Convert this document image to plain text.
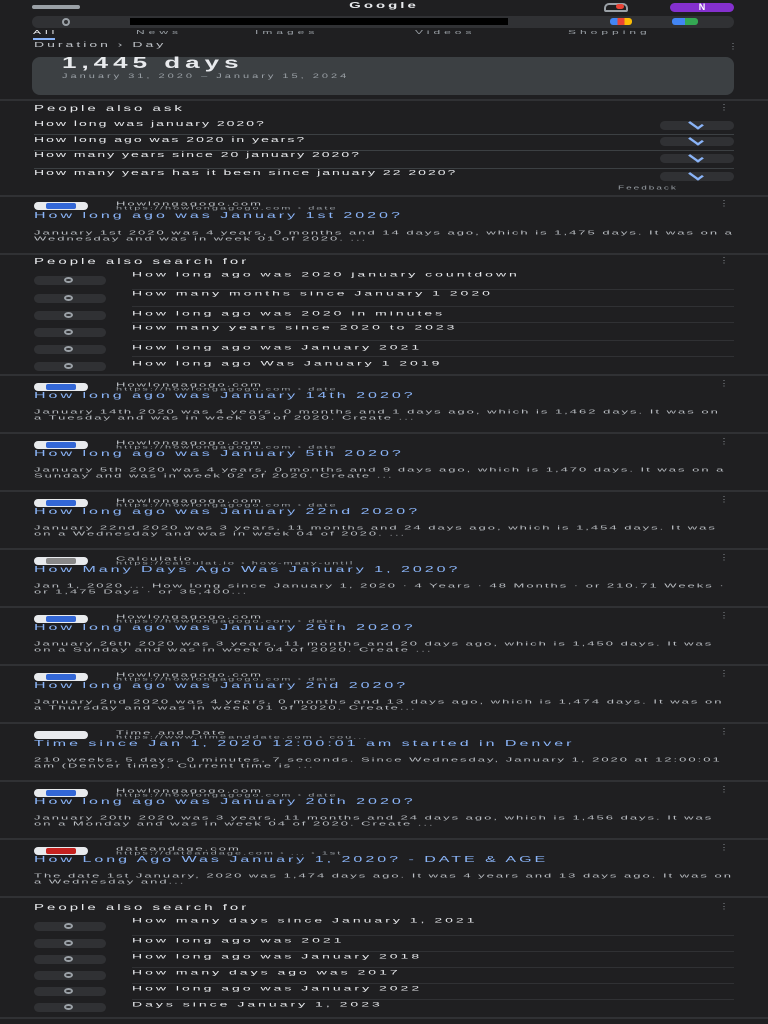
Google	N
All	News	Images	Videos	Shopping
Duration › Day	⋮
1,445 days
January 31, 2020 – January 15, 2024
People also ask	⋮
How long was january 2020?
How long ago was 2020 in years?
How many years since 20 january 2020?
How many years has it been since january 22 2020?
Feedback
Howlongagogo.com
https://howlongagogo.com › date
⋮
How long ago was January 1st 2020?
January 1st 2020 was 4 years, 0 months and 14 days ago, which is 1,475 days. It was on a Wednesday and was in week 01 of 2020. ...
People also search for	⋮
How long ago was 2020 january countdown
How many months since January 1 2020
How long ago was 2020 in minutes
How many years since 2020 to 2023
How long ago was January 2021
How long ago Was January 1 2019
Howlongagogo.com
https://howlongagogo.com › date
⋮
How long ago was January 14th 2020?
January 14th 2020 was 4 years, 0 months and 1 days ago, which is 1,462 days. It was on a Tuesday and was in week 03 of 2020. Create ...
Howlongagogo.com
https://howlongagogo.com › date
⋮
How long ago was January 5th 2020?
January 5th 2020 was 4 years, 0 months and 9 days ago, which is 1,470 days. It was on a Sunday and was in week 02 of 2020. Create ...
Howlongagogo.com
https://howlongagogo.com › date
⋮
How long ago was January 22nd 2020?
January 22nd 2020 was 3 years, 11 months and 24 days ago, which is 1,454 days. It was on a Wednesday and was in week 04 of 2020. ...
Calculatio
https://calculat.io › how-many-until
⋮
How Many Days Ago Was January 1, 2020?
Jan 1, 2020 ... How long since January 1, 2020 · 4 Years · 48 Months · or 210.71 Weeks · or 1,475 Days · or 35,400...
Howlongagogo.com
https://howlongagogo.com › date
⋮
How long ago was January 26th 2020?
January 26th 2020 was 3 years, 11 months and 20 days ago, which is 1,450 days. It was on a Sunday and was in week 04 of 2020. Create ...
Howlongagogo.com
https://howlongagogo.com › date
⋮
How long ago was January 2nd 2020?
January 2nd 2020 was 4 years, 0 months and 13 days ago, which is 1,474 days. It was on a Thursday and was in week 01 of 2020. Create...
Time and Date
https://www.timeanddate.com › cou...
⋮
Time since Jan 1, 2020 12:00:01 am started in Denver
210 weeks, 5 days, 0 minutes, 7 seconds. Since Wednesday, January 1, 2020 at 12:00:01 am (Denver time). Current time is ...
Howlongagogo.com
https://howlongagogo.com › date
⋮
How long ago was January 20th 2020?
January 20th 2020 was 3 years, 11 months and 24 days ago, which is 1,456 days. It was on a Monday and was in week 04 of 2020. Create ...
dateandage.com
https://dateandage.com › ... › 1st
⋮
How Long Ago Was January 1, 2020? - DATE & AGE
The date 1st January, 2020 was 1,474 days ago. It was 4 years and 13 days ago. It was on a Wednesday and...
People also search for	⋮
How many days since January 1, 2021
How long ago was 2021
How long ago was January 2018
How many days ago was 2017
How long ago was January 2022
Days since January 1, 2023
